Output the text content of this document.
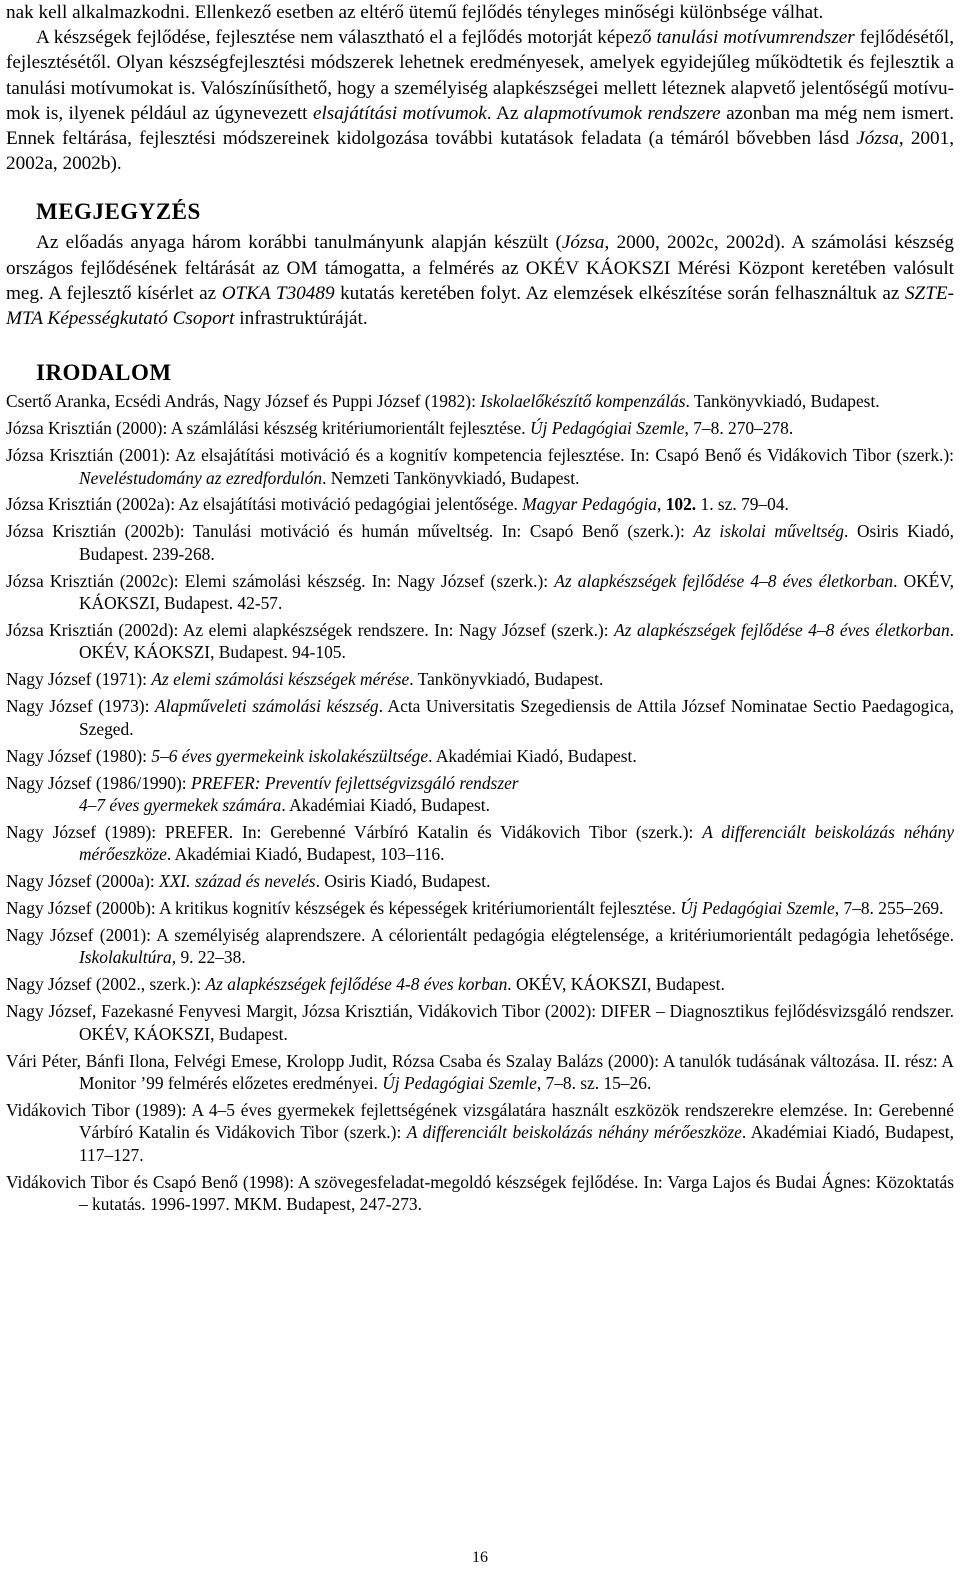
nak kell alkalmazkodni. Ellenkező esetben az eltérő ütemű fejlődés tényleges minőségi különbsége válhat.

A készségek fejlődése, fejlesztése nem választható el a fejlődés motorját képező tanulási motívumrendszer fejlődésétől, fejlesztésétől. Olyan készségfejlesztési módszerek lehetnek eredményesek, amelyek egyidejűleg működtetik és fejlesztik a tanulási motívumokat is. Valószínűsíthető, hogy a személyiség alapkészségei mellett léteznek alapvető jelentőségű motívumok is, ilyenek például az úgynevezett elsajátítási motívumok. Az alapmotívumok rendszere azonban ma még nem ismert. Ennek feltárása, fejlesztési módszereinek kidolgozása további kutatások feladata (a témáról bővebben lásd Józsa, 2001, 2002a, 2002b).

MEGJEGYZÉS

Az előadás anyaga három korábbi tanulmányunk alapján készült (Józsa, 2000, 2002c, 2002d). A számolási készség országos fejlődésének feltárását az OM támogatta, a felmérés az OKÉV KÁOKSZI Mérési Központ keretében valósult meg. A fejlesztő kísérlet az OTKA T30489 kutatás keretében folyt. Az elemzések elkészítése során felhasználtuk az SZTE-MTA Képességkutató Csoport infrastruktúráját.

IRODALOM
Csertő Aranka, Ecsédi András, Nagy József és Puppi József (1982): Iskolaelőkészítő kompenzálás. Tankönyvkiadó, Budapest.
Józsa Krisztián (2000): A számlálási készség kritériumorientált fejlesztése. Új Pedagógiai Szemle, 7–8. 270–278.
Józsa Krisztián (2001): Az elsajátítási motiváció és a kognitív kompetencia fejlesztése. In: Csapó Benő és Vidákovich Tibor (szerk.): Neveléstudomány az ezredfordulón. Nemzeti Tankönyvkiadó, Budapest.
Józsa Krisztián (2002a): Az elsajátítási motiváció pedagógiai jelentősége. Magyar Pedagógia, 102. 1. sz. 79–04.
Józsa Krisztián (2002b): Tanulási motiváció és humán műveltség. In: Csapó Benő (szerk.): Az iskolai műveltség. Osiris Kiadó, Budapest. 239-268.
Józsa Krisztián (2002c): Elemi számolási készség. In: Nagy József (szerk.): Az alapkészségek fejlődése 4–8 éves életkorban. OKÉV, KÁOKSZI, Budapest. 42-57.
Józsa Krisztián (2002d): Az elemi alapkészségek rendszere. In: Nagy József (szerk.): Az alapkészségek fejlődése 4–8 éves életkorban. OKÉV, KÁOKSZI, Budapest. 94-105.
Nagy József (1971): Az elemi számolási készségek mérése. Tankönyvkiadó, Budapest.
Nagy József (1973): Alapműveleti számolási készség. Acta Universitatis Szegediensis de Attila József Nominatae Sectio Paedagogica, Szeged.
Nagy József (1980): 5–6 éves gyermekeink iskolakészültsége. Akadémiai Kiadó, Budapest.
Nagy József (1986/1990): PREFER: Preventív fejlettségvizsgáló rendszer
4–7 éves gyermekek számára. Akadémiai Kiadó, Budapest.
Nagy József (1989): PREFER. In: Gerebenné Várbíró Katalin és Vidákovich Tibor (szerk.): A differenciált beiskolázás néhány mérőeszköze. Akadémiai Kiadó, Budapest, 103–116.
Nagy József (2000a): XXI. század és nevelés. Osiris Kiadó, Budapest.
Nagy József (2000b): A kritikus kognitív készségek és képességek kritériumorientált fejlesztése. Új Pedagógiai Szemle, 7–8. 255–269.
Nagy József (2001): A személyiség alaprendszere. A célorientált pedagógia elégtelensége, a kritériumorientált pedagógia lehetősége. Iskolakultúra, 9. 22–38.
Nagy József (2002., szerk.): Az alapkészségek fejlődése 4-8 éves korban. OKÉV, KÁOKSZI, Budapest.
Nagy József, Fazekasné Fenyvesi Margit, Józsa Krisztián, Vidákovich Tibor (2002): DIFER – Diagnosztikus fejlődésvizsgáló rendszer. OKÉV, KÁOKSZI, Budapest.
Vári Péter, Bánfi Ilona, Felvégi Emese, Krolopp Judit, Rózsa Csaba és Szalay Balázs (2000): A tanulók tudásának változása. II. rész: A Monitor ’99 felmérés előzetes eredményei. Új Pedagógiai Szemle, 7–8. sz. 15–26.
Vidákovich Tibor (1989): A 4–5 éves gyermekek fejlettségének vizsgálatára használt eszközök rendszerekre elemzése. In: Gerebenné Várbíró Katalin és Vidákovich Tibor (szerk.): A differenciált beiskolázás néhány mérőeszköze. Akadémiai Kiadó, Budapest, 117–127.
Vidákovich Tibor és Csapó Benő (1998): A szövegesfeladat-megoldó készségek fejlődése. In: Varga Lajos és Budai Ágnes: Közoktatás – kutatás. 1996-1997. MKM. Budapest, 247-273.
16
